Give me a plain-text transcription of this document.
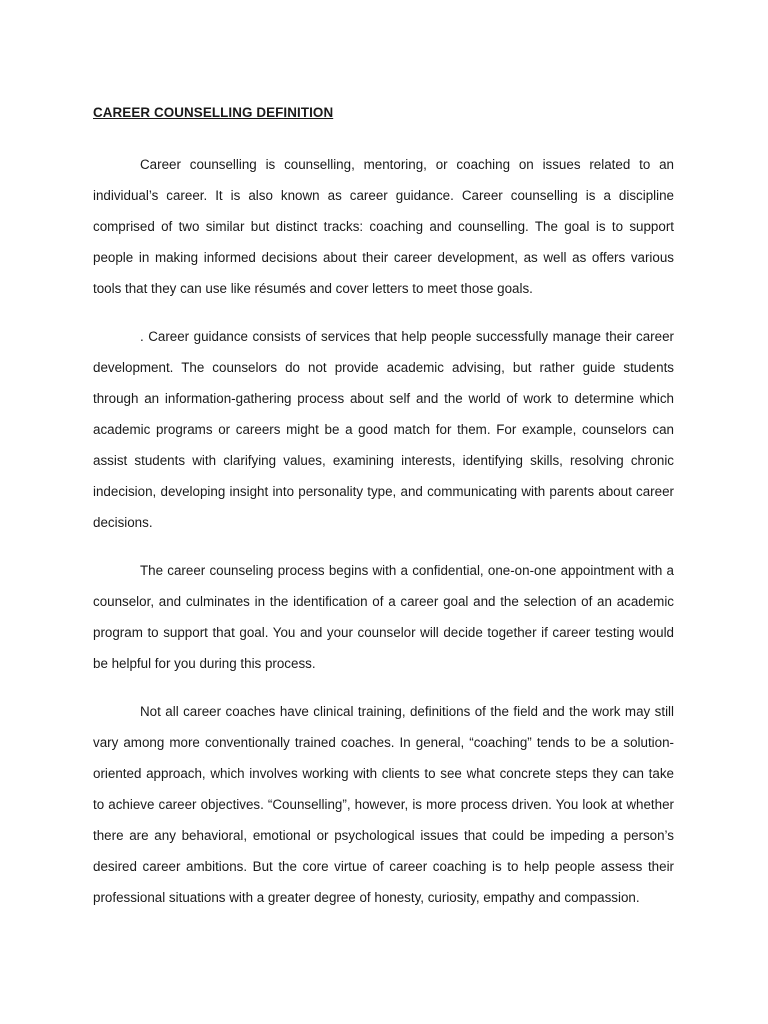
CAREER COUNSELLING DEFINITION

Career counselling is counselling, mentoring, or coaching on issues related to an individual’s career. It is also known as career guidance. Career counselling is a discipline comprised of two similar but distinct tracks: coaching and counselling. The goal is to support people in making informed decisions about their career development, as well as offers various tools that they can use like résumés and cover letters to meet those goals.

. Career guidance consists of services that help people successfully manage their career development. The counselors do not provide academic advising, but rather guide students through an information-gathering process about self and the world of work to determine which academic programs or careers might be a good match for them. For example, counselors can assist students with clarifying values, examining interests, identifying skills, resolving chronic indecision, developing insight into personality type, and communicating with parents about career decisions.

The career counseling process begins with a confidential, one-on-one appointment with a counselor, and culminates in the identification of a career goal and the selection of an academic program to support that goal. You and your counselor will decide together if career testing would be helpful for you during this process.

Not all career coaches have clinical training, definitions of the field and the work may still vary among more conventionally trained coaches. In general, “coaching” tends to be a solution-oriented approach, which involves working with clients to see what concrete steps they can take to achieve career objectives. “Counselling”, however, is more process driven. You look at whether there are any behavioral, emotional or psychological issues that could be impeding a person’s desired career ambitions. But the core virtue of career coaching is to help people assess their professional situations with a greater degree of honesty, curiosity, empathy and compassion.
